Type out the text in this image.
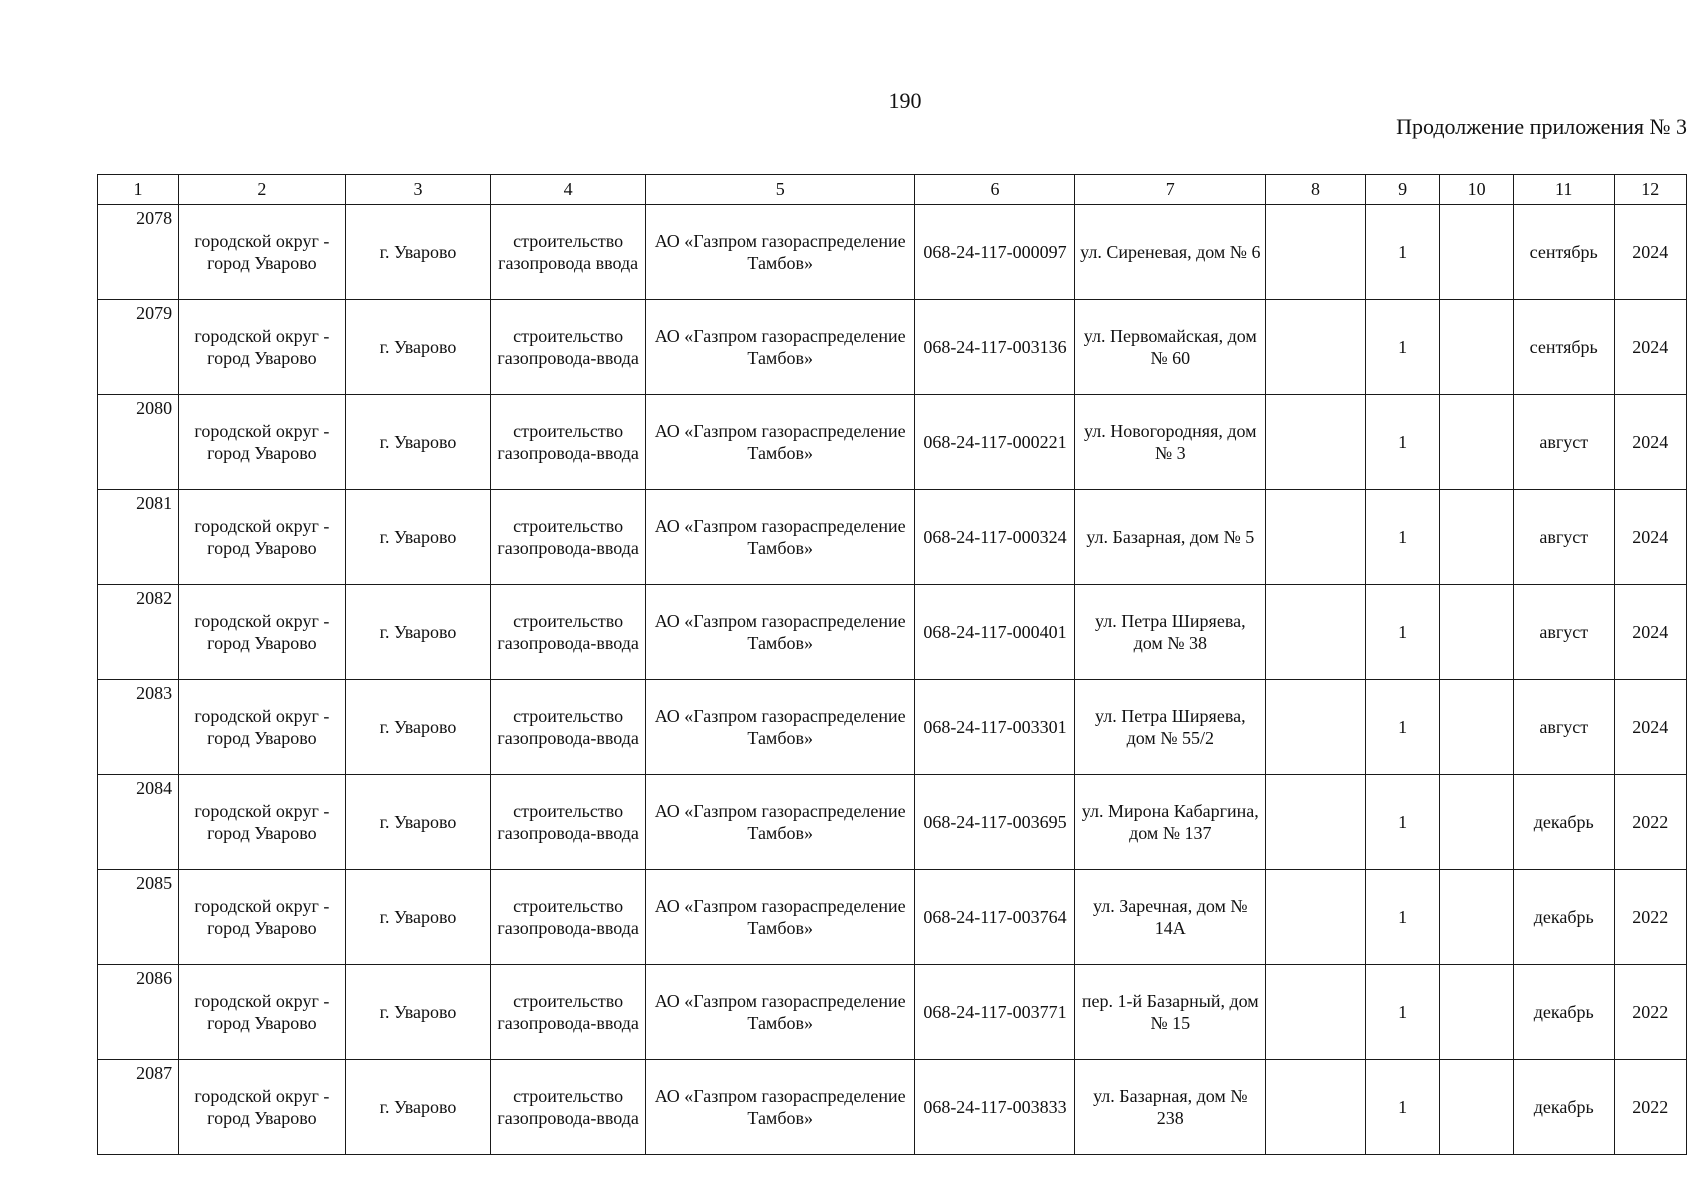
190
Продолжение приложения № 3
1	2	3	4	5	6	7	8	9	10	11	12
2078	городской округ - город Уварово	г. Уварово	строительство газопровода ввода	АО «Газпром газораспределение Тамбов»	068-24-117-000097	ул. Сиреневая, дом № 6		1		сентябрь	2024
2079	городской округ - город Уварово	г. Уварово	строительство газопровода-ввода	АО «Газпром газораспределение Тамбов»	068-24-117-003136	ул. Первомайская, дом № 60		1		сентябрь	2024
2080	городской округ - город Уварово	г. Уварово	строительство газопровода-ввода	АО «Газпром газораспределение Тамбов»	068-24-117-000221	ул. Новогородняя, дом № 3		1		август	2024
2081	городской округ - город Уварово	г. Уварово	строительство газопровода-ввода	АО «Газпром газораспределение Тамбов»	068-24-117-000324	ул. Базарная, дом № 5		1		август	2024
2082	городской округ - город Уварово	г. Уварово	строительство газопровода-ввода	АО «Газпром газораспределение Тамбов»	068-24-117-000401	ул. Петра Ширяева, дом № 38		1		август	2024
2083	городской округ - город Уварово	г. Уварово	строительство газопровода-ввода	АО «Газпром газораспределение Тамбов»	068-24-117-003301	ул. Петра Ширяева, дом № 55/2		1		август	2024
2084	городской округ - город Уварово	г. Уварово	строительство газопровода-ввода	АО «Газпром газораспределение Тамбов»	068-24-117-003695	ул. Мирона Кабаргина, дом № 137		1		декабрь	2022
2085	городской округ - город Уварово	г. Уварово	строительство газопровода-ввода	АО «Газпром газораспределение Тамбов»	068-24-117-003764	ул. Заречная, дом № 14А		1		декабрь	2022
2086	городской округ - город Уварово	г. Уварово	строительство газопровода-ввода	АО «Газпром газораспределение Тамбов»	068-24-117-003771	пер. 1-й Базарный, дом № 15		1		декабрь	2022
2087	городской округ - город Уварово	г. Уварово	строительство газопровода-ввода	АО «Газпром газораспределение Тамбов»	068-24-117-003833	ул. Базарная, дом № 238		1		декабрь	2022
